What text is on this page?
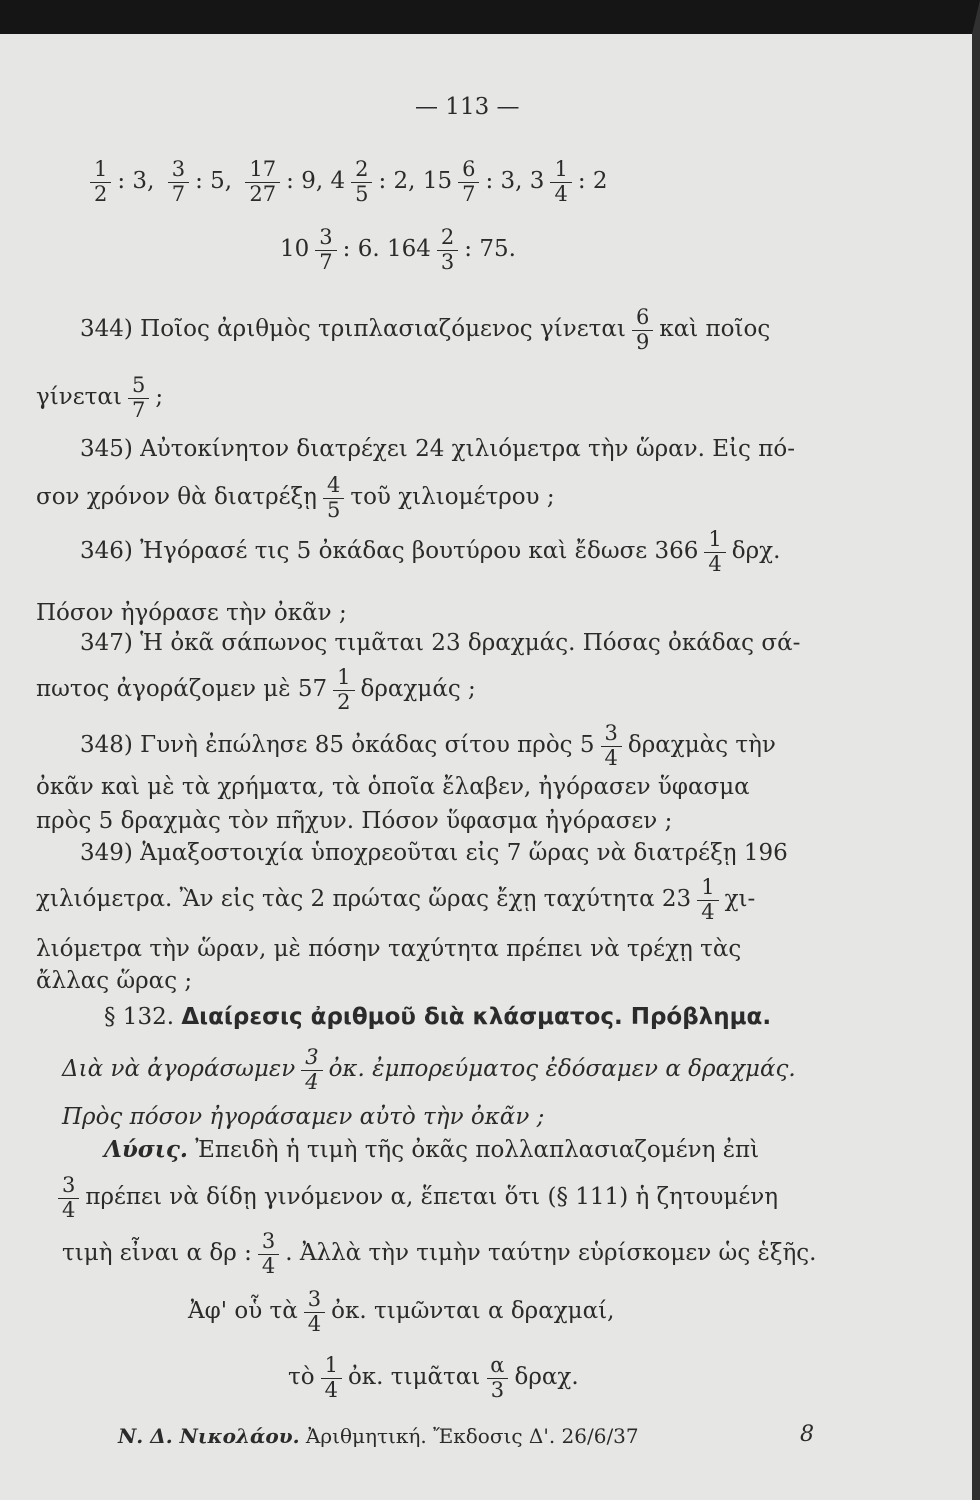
— 113 —
$\frac{1}{2}$ : 3, $\frac{3}{7}$ : 5, $\frac{17}{27}$ : 9, $4 \frac{2}{5}$ : 2, $15 \frac{6}{7}$ : 3, $3 \frac{1}{4}$ : 2
$10 \frac{3}{7}$ : 6. $164 \frac{2}{3}$ : 75.
344) Ποῖος ἀριθμὸς τριπλασιαζόμενος γίνεται $\frac{6}{9}$ καὶ ποῖος
γίνεται $\frac{5}{7}$ ;
345) Αὐτοκίνητον διατρέχει 24 χιλιόμετρα τὴν ὥραν. Εἰς πό-
σον χρόνον θὰ διατρέξῃ $\frac{4}{5}$ τοῦ χιλιομέτρου ;
346) Ἠγόρασέ τις 5 ὀκάδας βουτύρου καὶ ἔδωσε $366 \frac{1}{4} \delta\rho\chi$.
Πόσον ἠγόρασε τὴν ὀκᾶν ;
347) Ἡ ὀκᾶ σάπωνος τιμᾶται 23 δραχμάς. Πόσας ὀκάδας σά-
πωτος ἀγοράζομεν μὲ $57 \frac{1}{2}$ δραχμάς ;
348) Γυνὴ ἐπώλησε 85 ὀκάδας σίτου πρὸς $5 \frac{3}{4}$ δραχμὰς τὴν
ὀκᾶν καὶ μὲ τὰ χρήματα, τὰ ὁποῖα ἔλαβεν, ἠγόρασεν ὕφασμα
πρὸς 5 δραχμὰς τὸν πῆχυν. Πόσον ὕφασμα ἠγόρασεν ;
349) Ἁμαξοστοιχία ὑποχρεοῦται εἰς 7 ὥρας νὰ διατρέξῃ 196
χιλιόμετρα. Ἂν εἰς τὰς 2 πρώτας ὥρας ἔχῃ ταχύτητα $23 \frac{1}{4} \chi\iota-$
λιόμετρα τὴν ὥραν, μὲ πόσην ταχύτητα πρέπει νὰ τρέχῃ τὰς
ἄλλας ὥρας ;
§ 132. Διαίρεσις ἀριθμοῦ διὰ κλάσματος. Πρόβλημα.
Διὰ νὰ ἀγοράσωμεν $\frac{3}{4}$ ὀκ. ἐμπορεύματος ἐδόσαμεν α δραχμάς.
Πρὸς πόσον ἠγοράσαμεν αὐτὸ τὴν ὀκᾶν ;
Λύσις. Ἐπειδὴ ἡ τιμὴ τῆς ὀκᾶς πολλαπλασιαζομένη ἐπὶ
$\frac{3}{4}$ πρέπει νὰ δίδῃ γινόμενον α, ἕπεται ὅτι (§ 111) ἡ ζητουμένη
τιμὴ εἶναι α δρ : $\frac{3}{4}$ . Ἀλλὰ τὴν τιμὴν ταύτην εὑρίσκομεν ὡς ἑξῆς.
Ἀφ' οὗ τὰ $\frac{3}{4}$ ὀκ. τιμῶνται α δραχμαί,
τὸ $\frac{1}{4}$ ὀκ. τιμᾶται $\frac{\alpha}{3} \delta\rho\alpha\chi$.
Ν. Δ. Νικολάου. Ἀριθμητική. Ἔκδοσις Δ'. 26/6/37	8
